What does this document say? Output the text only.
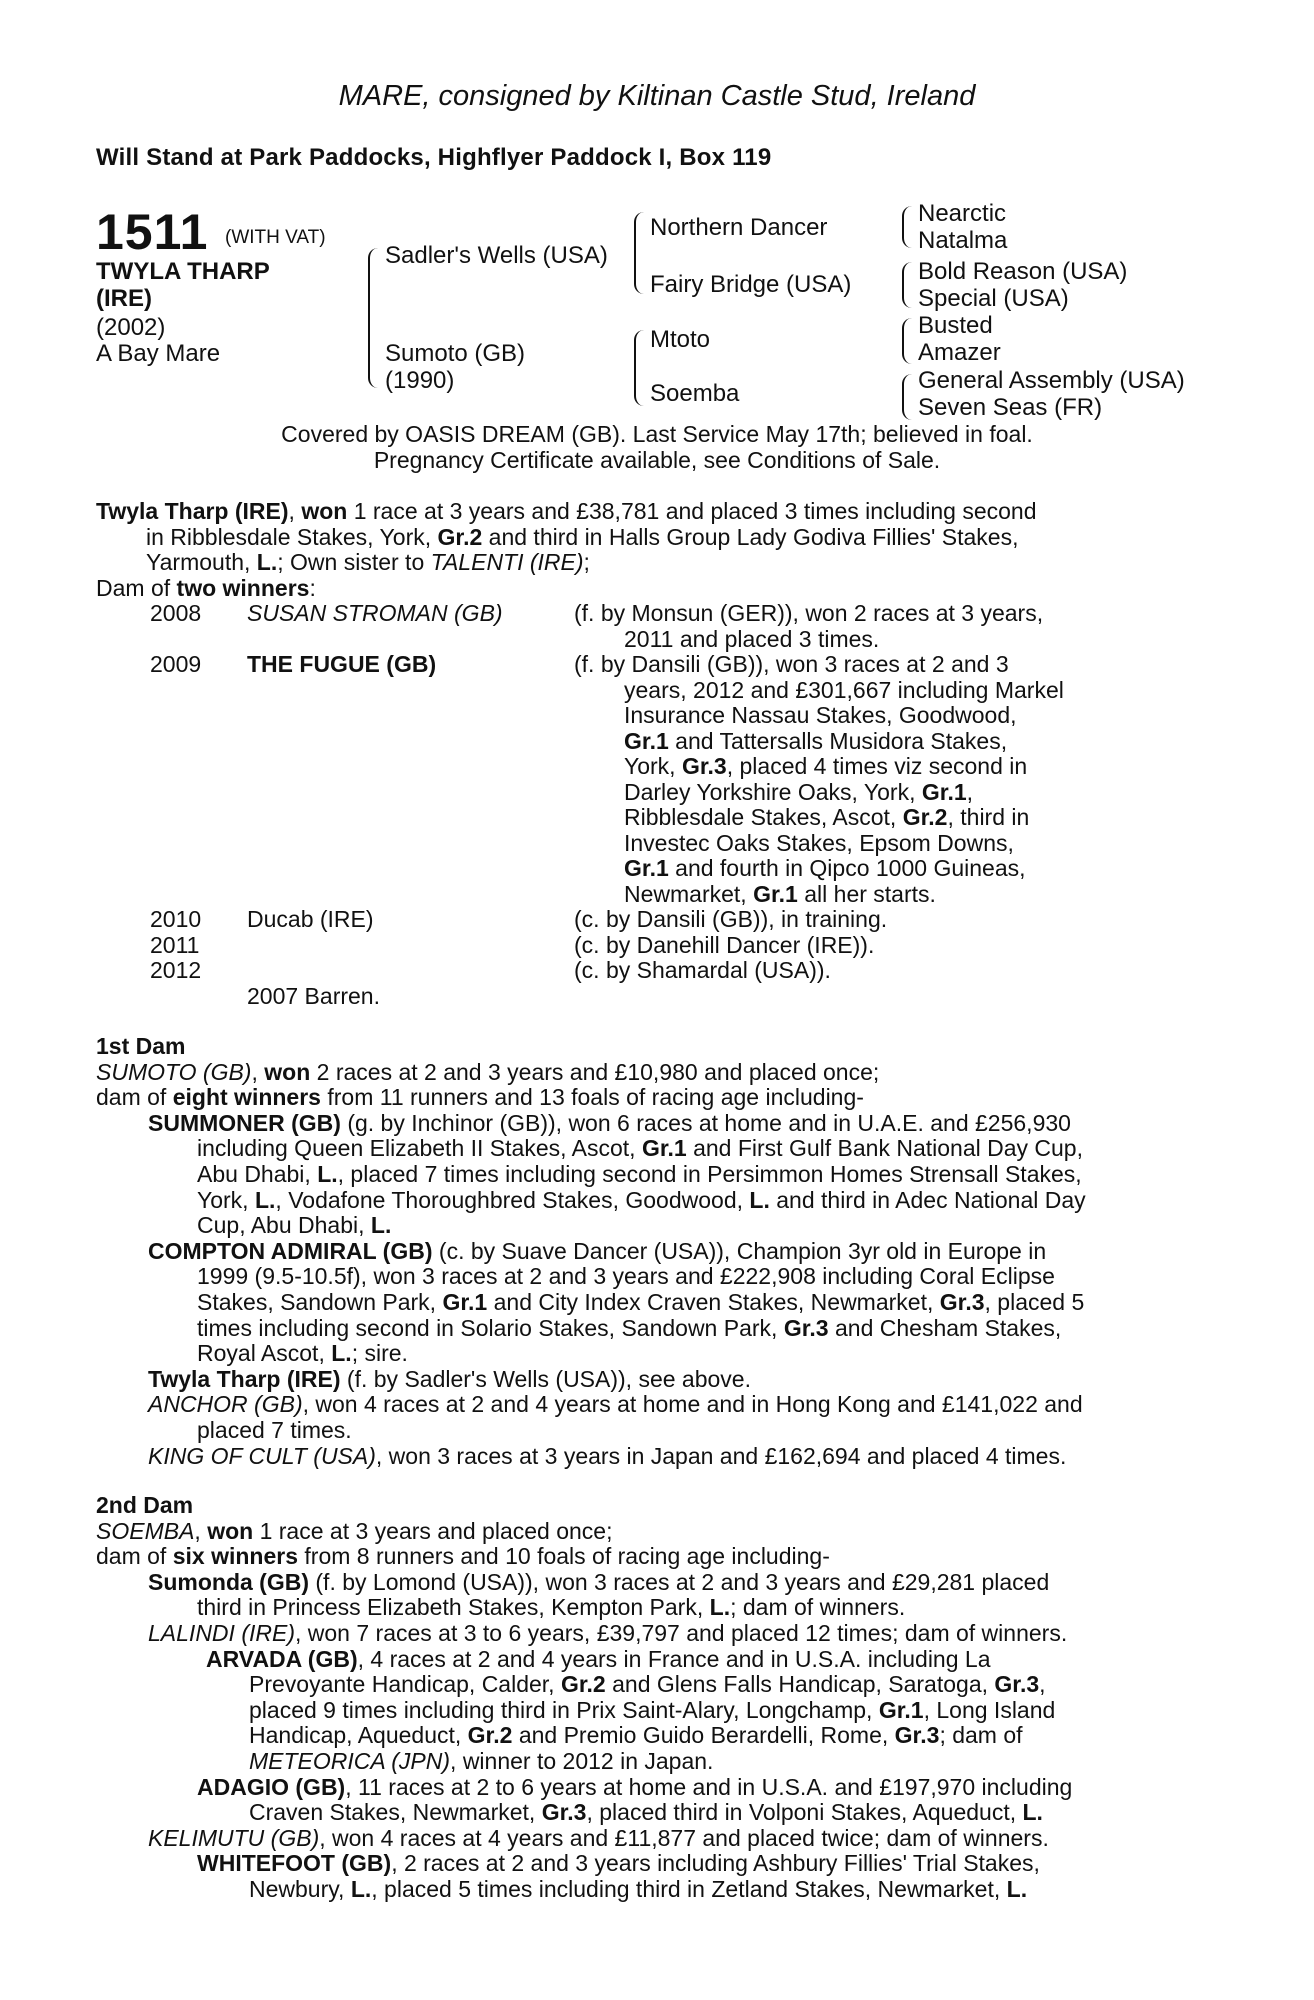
MARE, consigned by Kiltinan Castle Stud, Ireland
Will Stand at Park Paddocks, Highflyer Paddock I, Box 119
1511 (WITH VAT)
TWYLA THARP
(IRE)
(2002)
A Bay Mare
Sadler's Wells (USA)
Sumoto (GB)
(1990)
Northern Dancer
Fairy Bridge (USA)
Mtoto
Soemba
Nearctic
Natalma
Bold Reason (USA)
Special (USA)
Busted
Amazer
General Assembly (USA)
Seven Seas (FR)
Covered by OASIS DREAM (GB). Last Service May 17th; believed in foal.
Pregnancy Certificate available, see Conditions of Sale.
Twyla Tharp (IRE), won 1 race at 3 years and £38,781 and placed 3 times including second
in Ribblesdale Stakes, York, Gr.2 and third in Halls Group Lady Godiva Fillies' Stakes,
Yarmouth, L.; Own sister to TALENTI (IRE);
Dam of two winners:
2008 SUSAN STROMAN (GB)	(f. by Monsun (GER)), won 2 races at 3 years,
2011 and placed 3 times.
2009 THE FUGUE (GB)	(f. by Dansili (GB)), won 3 races at 2 and 3
years, 2012 and £301,667 including Markel
Insurance Nassau Stakes, Goodwood,
Gr.1 and Tattersalls Musidora Stakes,
York, Gr.3, placed 4 times viz second in
Darley Yorkshire Oaks, York, Gr.1,
Ribblesdale Stakes, Ascot, Gr.2, third in
Investec Oaks Stakes, Epsom Downs,
Gr.1 and fourth in Qipco 1000 Guineas,
Newmarket, Gr.1 all her starts.
2010 Ducab (IRE)	(c. by Dansili (GB)), in training.
2011	(c. by Danehill Dancer (IRE)).
2012	(c. by Shamardal (USA)).
2007 Barren.
1st Dam
SUMOTO (GB), won 2 races at 2 and 3 years and £10,980 and placed once;
dam of eight winners from 11 runners and 13 foals of racing age including-
SUMMONER (GB) (g. by Inchinor (GB)), won 6 races at home and in U.A.E. and £256,930
including Queen Elizabeth II Stakes, Ascot, Gr.1 and First Gulf Bank National Day Cup,
Abu Dhabi, L., placed 7 times including second in Persimmon Homes Strensall Stakes,
York, L., Vodafone Thoroughbred Stakes, Goodwood, L. and third in Adec National Day
Cup, Abu Dhabi, L.
COMPTON ADMIRAL (GB) (c. by Suave Dancer (USA)), Champion 3yr old in Europe in
1999 (9.5-10.5f), won 3 races at 2 and 3 years and £222,908 including Coral Eclipse
Stakes, Sandown Park, Gr.1 and City Index Craven Stakes, Newmarket, Gr.3, placed 5
times including second in Solario Stakes, Sandown Park, Gr.3 and Chesham Stakes,
Royal Ascot, L.; sire.
Twyla Tharp (IRE) (f. by Sadler's Wells (USA)), see above.
ANCHOR (GB), won 4 races at 2 and 4 years at home and in Hong Kong and £141,022 and
placed 7 times.
KING OF CULT (USA), won 3 races at 3 years in Japan and £162,694 and placed 4 times.
2nd Dam
SOEMBA, won 1 race at 3 years and placed once;
dam of six winners from 8 runners and 10 foals of racing age including-
Sumonda (GB) (f. by Lomond (USA)), won 3 races at 2 and 3 years and £29,281 placed
third in Princess Elizabeth Stakes, Kempton Park, L.; dam of winners.
LALINDI (IRE), won 7 races at 3 to 6 years, £39,797 and placed 12 times; dam of winners.
ARVADA (GB), 4 races at 2 and 4 years in France and in U.S.A. including La
Prevoyante Handicap, Calder, Gr.2 and Glens Falls Handicap, Saratoga, Gr.3,
placed 9 times including third in Prix Saint-Alary, Longchamp, Gr.1, Long Island
Handicap, Aqueduct, Gr.2 and Premio Guido Berardelli, Rome, Gr.3; dam of
METEORICA (JPN), winner to 2012 in Japan.
ADAGIO (GB), 11 races at 2 to 6 years at home and in U.S.A. and £197,970 including
Craven Stakes, Newmarket, Gr.3, placed third in Volponi Stakes, Aqueduct, L.
KELIMUTU (GB), won 4 races at 4 years and £11,877 and placed twice; dam of winners.
WHITEFOOT (GB), 2 races at 2 and 3 years including Ashbury Fillies' Trial Stakes,
Newbury, L., placed 5 times including third in Zetland Stakes, Newmarket, L.
